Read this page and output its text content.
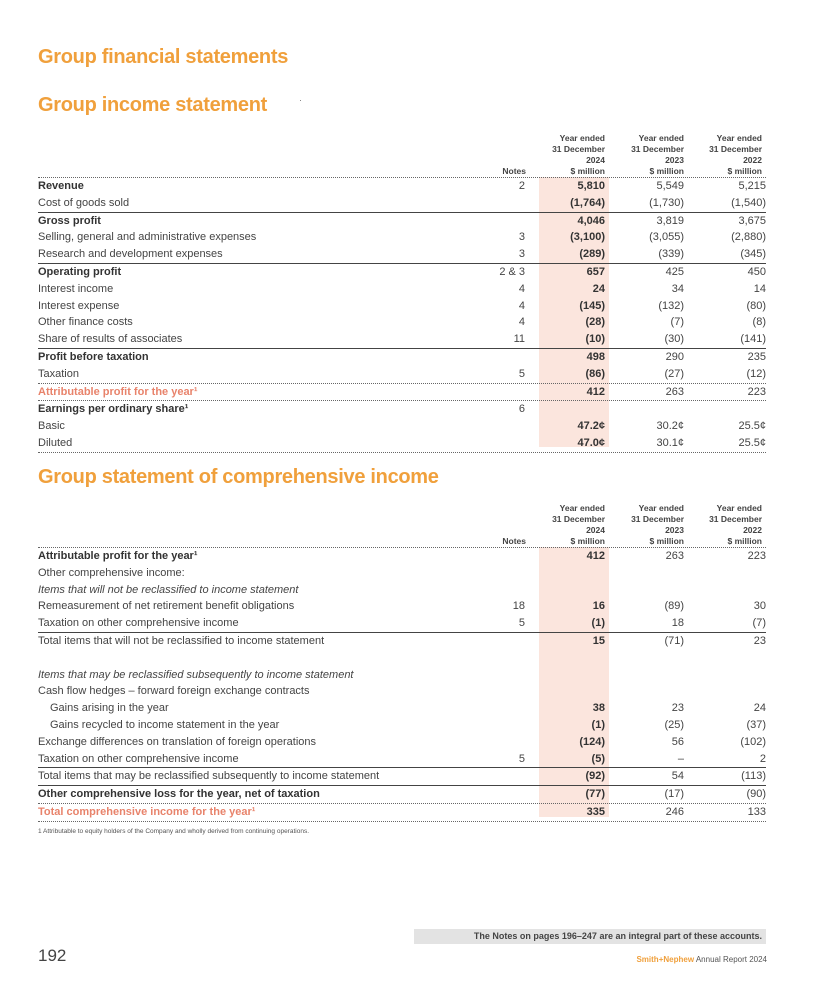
Group financial statements
Group income statement
Notes
Year ended
31 December
2024
$ million
Year ended
31 December
2023
$ million
Year ended
31 December
2022
$ million
Revenue	2	5,810	5,549	5,215
Cost of goods sold	(1,764)	(1,730)	(1,540)
Gross profit	4,046	3,819	3,675
Selling, general and administrative expenses	3	(3,100)	(3,055)	(2,880)
Research and development expenses	3	(289)	(339)	(345)
Operating profit	2 & 3	657	425	450
Interest income	4	24	34	14
Interest expense	4	(145)	(132)	(80)
Other finance costs	4	(28)	(7)	(8)
Share of results of associates	11	(10)	(30)	(141)
Profit before taxation	498	290	235
Taxation	5	(86)	(27)	(12)
Attributable profit for the year¹	412	263	223
Earnings per ordinary share¹	6
Basic	47.2¢	30.2¢	25.5¢
Diluted	47.0¢	30.1¢	25.5¢
Group statement of comprehensive income
Notes
Year ended
31 December
2024
$ million
Year ended
31 December
2023
$ million
Year ended
31 December
2022
$ million
Attributable profit for the year¹	412	263	223
Other comprehensive income:
Items that will not be reclassified to income statement
Remeasurement of net retirement benefit obligations	18	16	(89)	30
Taxation on other comprehensive income	5	(1)	18	(7)
Total items that will not be reclassified to income statement	15	(71)	23
Items that may be reclassified subsequently to income statement
Cash flow hedges – forward foreign exchange contracts
Gains arising in the year	38	23	24
Gains recycled to income statement in the year	(1)	(25)	(37)
Exchange differences on translation of foreign operations	(124)	56	(102)
Taxation on other comprehensive income	5	(5)	–	2
Total items that may be reclassified subsequently to income statement	(92)	54	(113)
Other comprehensive loss for the year, net of taxation	(77)	(17)	(90)
Total comprehensive income for the year¹	335	246	133
1 Attributable to equity holders of the Company and wholly derived from continuing operations.
The Notes on pages 196–247 are an integral part of these accounts.
192	Smith+Nephew Annual Report 2024
